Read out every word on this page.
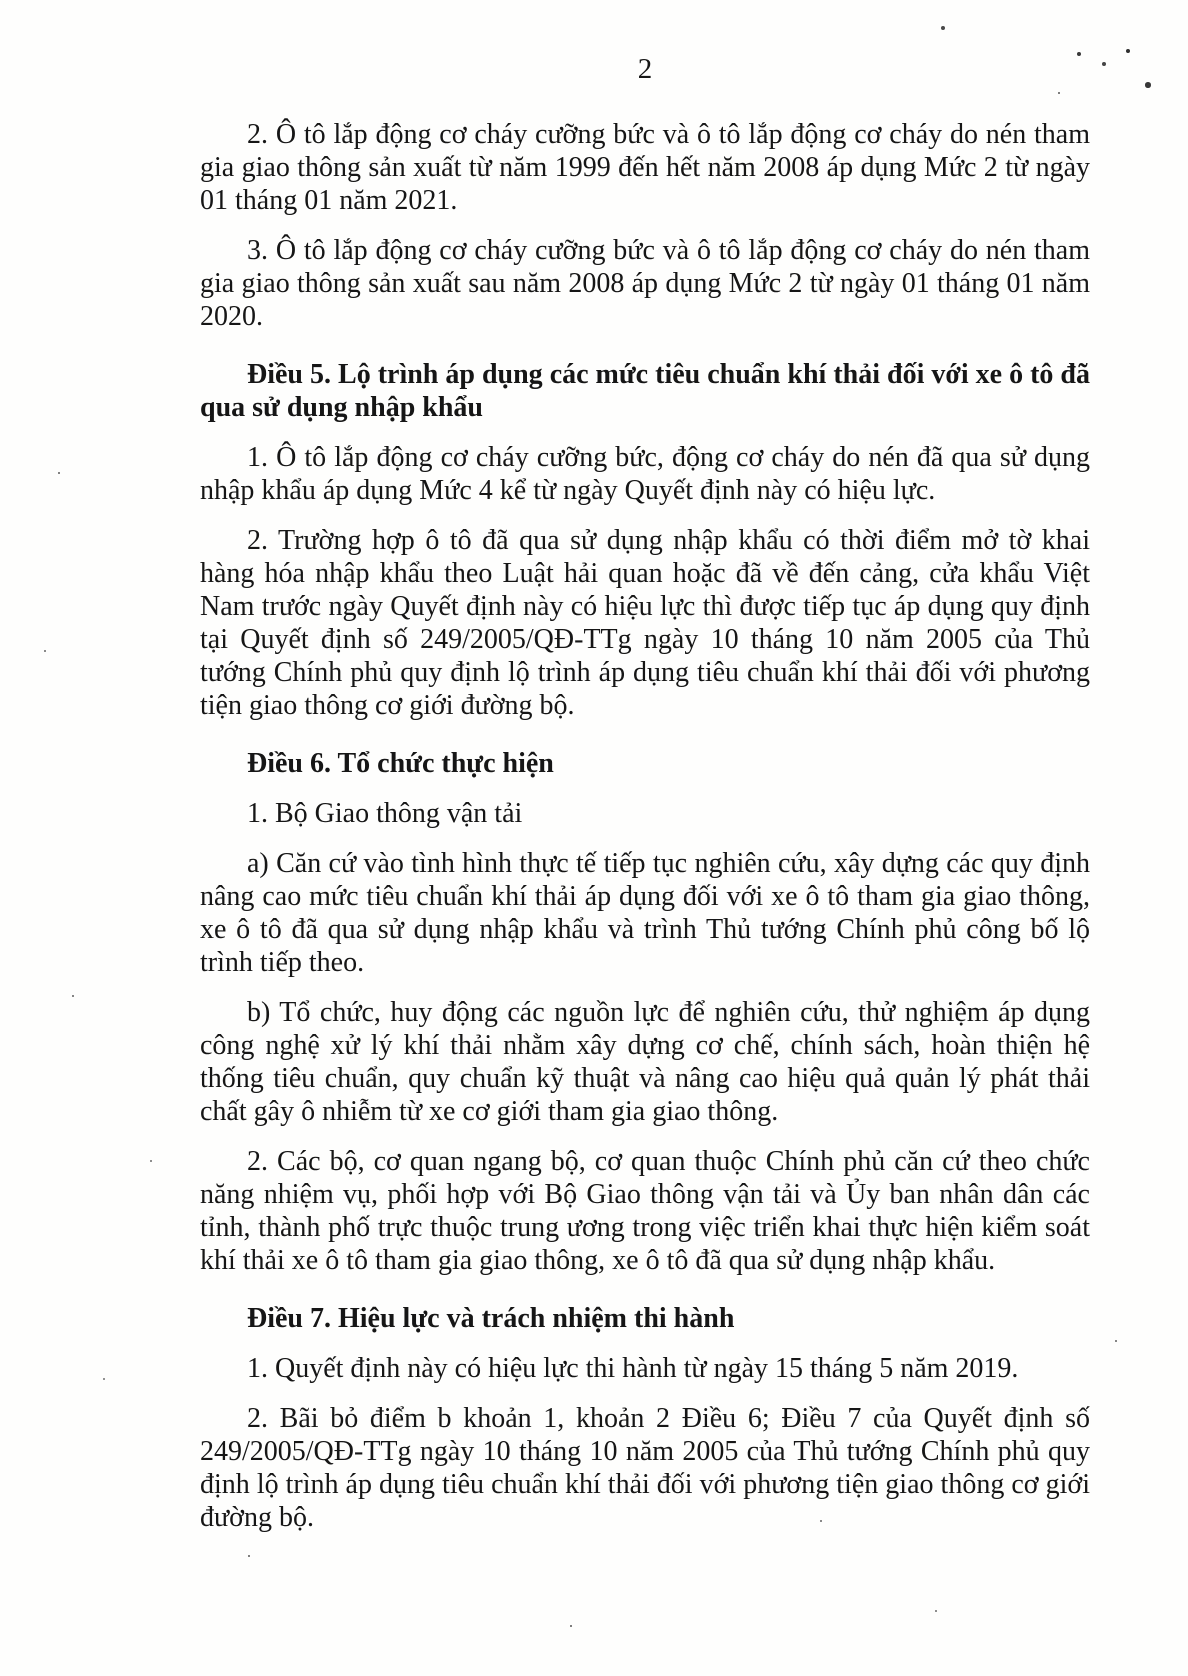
2

2. Ô tô lắp động cơ cháy cưỡng bức và ô tô lắp động cơ cháy do nén tham gia giao thông sản xuất từ năm 1999 đến hết năm 2008 áp dụng Mức 2 từ ngày 01 tháng 01 năm 2021.

3. Ô tô lắp động cơ cháy cưỡng bức và ô tô lắp động cơ cháy do nén tham gia giao thông sản xuất sau năm 2008 áp dụng Mức 2 từ ngày 01 tháng 01 năm 2020.

Điều 5. Lộ trình áp dụng các mức tiêu chuẩn khí thải đối với xe ô tô đã qua sử dụng nhập khẩu

1. Ô tô lắp động cơ cháy cưỡng bức, động cơ cháy do nén đã qua sử dụng nhập khẩu áp dụng Mức 4 kể từ ngày Quyết định này có hiệu lực.

2. Trường hợp ô tô đã qua sử dụng nhập khẩu có thời điểm mở tờ khai hàng hóa nhập khẩu theo Luật hải quan hoặc đã về đến cảng, cửa khẩu Việt Nam trước ngày Quyết định này có hiệu lực thì được tiếp tục áp dụng quy định tại Quyết định số 249/2005/QĐ-TTg ngày 10 tháng 10 năm 2005 của Thủ tướng Chính phủ quy định lộ trình áp dụng tiêu chuẩn khí thải đối với phương tiện giao thông cơ giới đường bộ.

Điều 6. Tổ chức thực hiện

1. Bộ Giao thông vận tải

a) Căn cứ vào tình hình thực tế tiếp tục nghiên cứu, xây dựng các quy định nâng cao mức tiêu chuẩn khí thải áp dụng đối với xe ô tô tham gia giao thông, xe ô tô đã qua sử dụng nhập khẩu và trình Thủ tướng Chính phủ công bố lộ trình tiếp theo.

b) Tổ chức, huy động các nguồn lực để nghiên cứu, thử nghiệm áp dụng công nghệ xử lý khí thải nhằm xây dựng cơ chế, chính sách, hoàn thiện hệ thống tiêu chuẩn, quy chuẩn kỹ thuật và nâng cao hiệu quả quản lý phát thải chất gây ô nhiễm từ xe cơ giới tham gia giao thông.

2. Các bộ, cơ quan ngang bộ, cơ quan thuộc Chính phủ căn cứ theo chức năng nhiệm vụ, phối hợp với Bộ Giao thông vận tải và Ủy ban nhân dân các tỉnh, thành phố trực thuộc trung ương trong việc triển khai thực hiện kiểm soát khí thải xe ô tô tham gia giao thông, xe ô tô đã qua sử dụng nhập khẩu.

Điều 7. Hiệu lực và trách nhiệm thi hành

1. Quyết định này có hiệu lực thi hành từ ngày 15 tháng 5 năm 2019.

2. Bãi bỏ điểm b khoản 1, khoản 2 Điều 6; Điều 7 của Quyết định số 249/2005/QĐ-TTg ngày 10 tháng 10 năm 2005 của Thủ tướng Chính phủ quy định lộ trình áp dụng tiêu chuẩn khí thải đối với phương tiện giao thông cơ giới đường bộ.
